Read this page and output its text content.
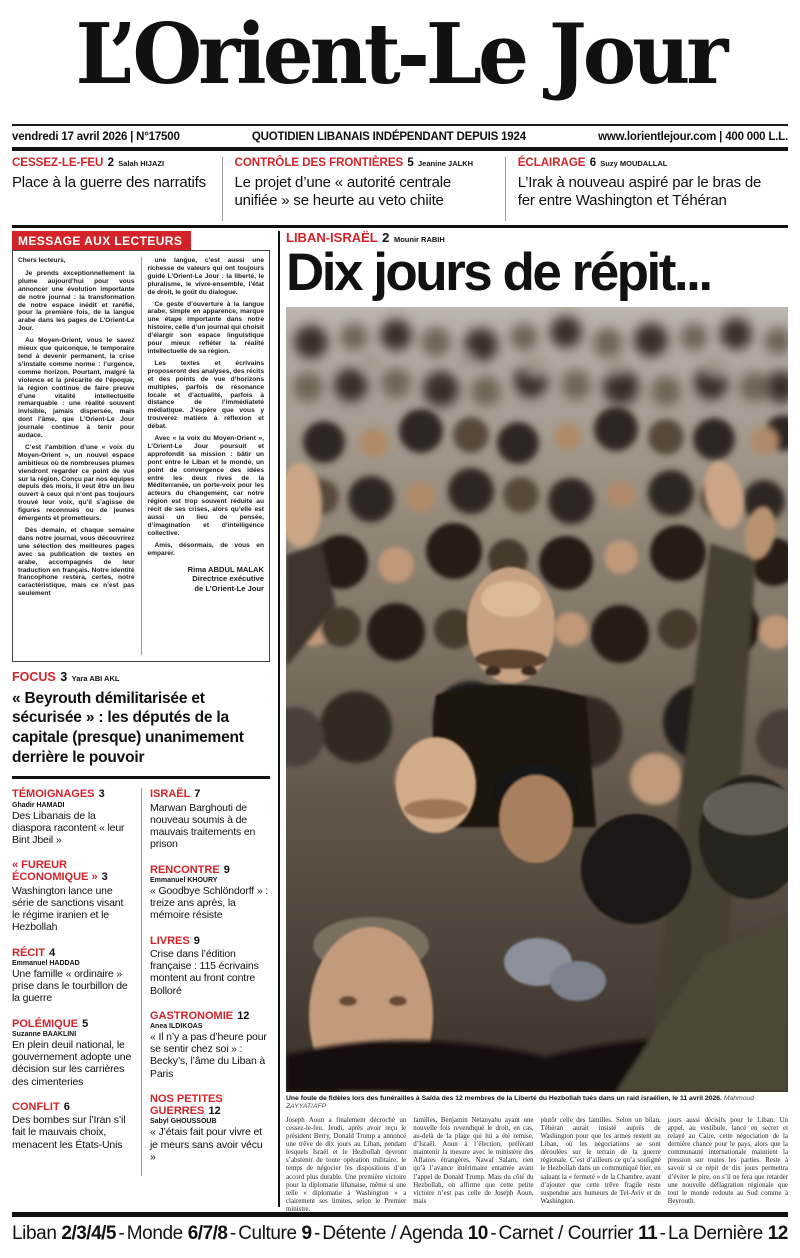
L’Orient-Le Jour
vendredi 17 avril 2026 | N°17500	QUOTIDIEN LIBANAIS INDÉPENDANT DEPUIS 1924	www.lorientlejour.com | 400 000 L.L.
CESSEZ-LE-FEU 2 Salah HIJAZI
Place à la guerre des narratifs
CONTRÔLE DES FRONTIÈRES 5 Jeanine JALKH
Le projet d’une « autorité centrale unifiée » se heurte au veto chiite
ÉCLAIRAGE 6 Suzy MOUDALLAL
L’Irak à nouveau aspiré par le bras de fer entre Washington et Téhéran
MESSAGE AUX LECTEURS

Chers lecteurs,

Je prends exceptionnellement la plume aujourd’hui pour vous annoncer une évolution importante de notre journal : la transformation de notre espace inédit et raréfié, pour la première fois, de la langue arabe dans les pages de L’Orient-Le Jour.

Au Moyen-Orient, vous le savez mieux que quiconque, le temporaire tend à devenir permanent, la crise s’installe comme norme : l’urgence, comme horizon. Pourtant, malgré la violence et la précarité de l’époque, la région continue de faire preuve d’une vitalité intellectuelle remarquable : une réalité souvent invisible, jamais dispersée, mais dont l’âme, que L’Orient-Le Jour journale continue à tenir pour audace.

C’est l’ambition d’une « voix du Moyen-Orient », un nouvel espace ambitieux où de nombreuses plumes viendront regarder ce point de vue sur la région. Conçu par nos équipes depuis des mois, il veut être un lieu ouvert à ceux qui n’ont pas toujours trouvé leur voix, qu’il s’agisse de figures reconnues ou de jeunes émergents et prometteurs.

Dès demain, et chaque semaine dans notre journal, vous découvrirez une sélection des meilleures pages avec sa publication de textes en arabe, accompagnés de leur traduction en français. Notre identité francophone restera, certes, notre caractéristique, mais ce n’est pas seulement

une langue, c’est aussi une richesse de valeurs qui ont toujours guidé L’Orient-Le Jour : la liberté, le pluralisme, le vivre-ensemble, l’état de droit, le goût du dialogue.

Ce geste d’ouverture à la langue arabe, simple en apparence, marque une étape importante dans notre histoire, celle d’un journal qui choisit d’élargir son espace linguistique pour mieux refléter la réalité intellectuelle de sa région.

Les textes et écrivains proposeront des analyses, des récits et des points de vue d’horizons multiples, parfois de résonance locale et d’actualité, parfois à distance de l’immédiateté médiatique. J’espère que vous y trouverez matière à réflexion et débat.

Avec « la voix du Moyen-Orient », L’Orient-Le Jour poursuit et approfondit sa mission : bâtir un pont entre le Liban et le monde, un point de convergence des idées entre les deux rives de la Méditerranée, un porte-voix pour les acteurs du changement, car notre région est trop souvent réduite au récit de ses crises, alors qu’elle est aussi un lieu de pensée, d’imagination et d’intelligence collective.

Amis, désormais, de vous en emparer.

Rima ABDUL MALAK
Directrice exécutive
de L’Orient-Le Jour
FOCUS 3 Yara ABI AKL
« Beyrouth démilitarisée et sécurisée » : les députés de la capitale (presque) unanimement derrière le pouvoir
TÉMOIGNAGES 3
Ghadir HAMADI
Des Libanais de la diaspora racontent « leur Bint Jbeil »
« FUREUR ÉCONOMIQUE » 3
Washington lance une série de sanctions visant le régime iranien et le Hezbollah
RÉCIT 4
Emmanuel HADDAD
Une famille « ordinaire » prise dans le tourbillon de la guerre
POLÉMIQUE 5
Suzanne BAAKLINI
En plein deuil national, le gouvernement adopte une décision sur les carrières des cimenteries
CONFLIT 6
Des bombes sur l’Iran s’il fait le mauvais choix, menacent les États-Unis
ISRAËL 7
Marwan Barghouti de nouveau soumis à de mauvais traitements en prison
RENCONTRE 9
Emmanuel KHOURY
« Goodbye Schlöndorff » : treize ans après, la mémoire résiste
LIVRES 9
Crise dans l’édition française : 115 écrivains montent au front contre Bolloré
GASTRONOMIE 12
Anea ILDIKOAS
« Il n’y a pas d’heure pour se sentir chez soi » : Becky’s, l’âme du Liban à Paris
NOS PETITES GUERRES 12
Sabyl GHOUSSOUB
« J’étais fait pour vivre et je meurs sans avoir vécu »
LIBAN-ISRAËL 2 Mounir RABIH
Dix jours de répit...
Une foule de fidèles lors des funérailles à Saïda des 12 membres de la Liberté du Hezbollah tués dans un raid israélien, le 11 avril 2026. Mahmoud ZAYYAT/AFP
Joseph Aoun a finalement décroché un cessez-le-feu. Jeudi, après avoir reçu le président Berry, Donald Trump a annoncé une trêve de dix jours au Liban, pendant lesquels Israël et le Hezbollah devront s’abstenir de toute opération militaire, le temps de négocier les dispositions d’un accord plus durable. Une première victoire pour la diplomatie libanaise, même si une telle « diplomatie à Washington » a clairement ses limites, selon le Premier ministre.
familles, Benjamin Netanyahu ayant une nouvelle fois revendiqué le droit, en cas, au-delà de la plage qui lui a été remise, d’Israël. Aoun à l’élection, préférant maintenir la mesure avec le ministère des Affaires étrangères, Nawaf Salam, rien qu’à l’avance intérimaire entamée avant l’appel de Donald Trump. Mais du côté du Hezbollah, on affirme que cette petite victoire n’est pas celle de Joseph Aoun, mais
plutôt celle des familles. Selon un bilan, Téhéran aurait insisté auprès de Washington pour que les armes restent au Liban, où les négociations se sont déroulées sur le terrain de la guerre régionale. C’est d’ailleurs ce qu’a souligné le Hezbollah dans un communiqué hier, en saluant la « fermeté » de la Chambre, avant d’ajouter que cette trêve fragile reste suspendue aux humeurs de Tel-Aviv et de Washington.
jours aussi décisifs pour le Liban. Un appel, au vestibule, lancé en secret et relayé au Caire, cette négociation de la dernière chance pour le pays, alors que la communauté internationale maintient la pression sur toutes les parties. Reste à savoir si ce répit de dix jours permettra d’éviter le pire, ou s’il ne fera que retarder une nouvelle déflagration régionale que tout le monde redoute au Sud comme à Beyrouth.
Liban 2/3/4/5 - Monde 6/7/8 - Culture 9 - Détente / Agenda 10 - Carnet / Courrier 11 - La Dernière 12
